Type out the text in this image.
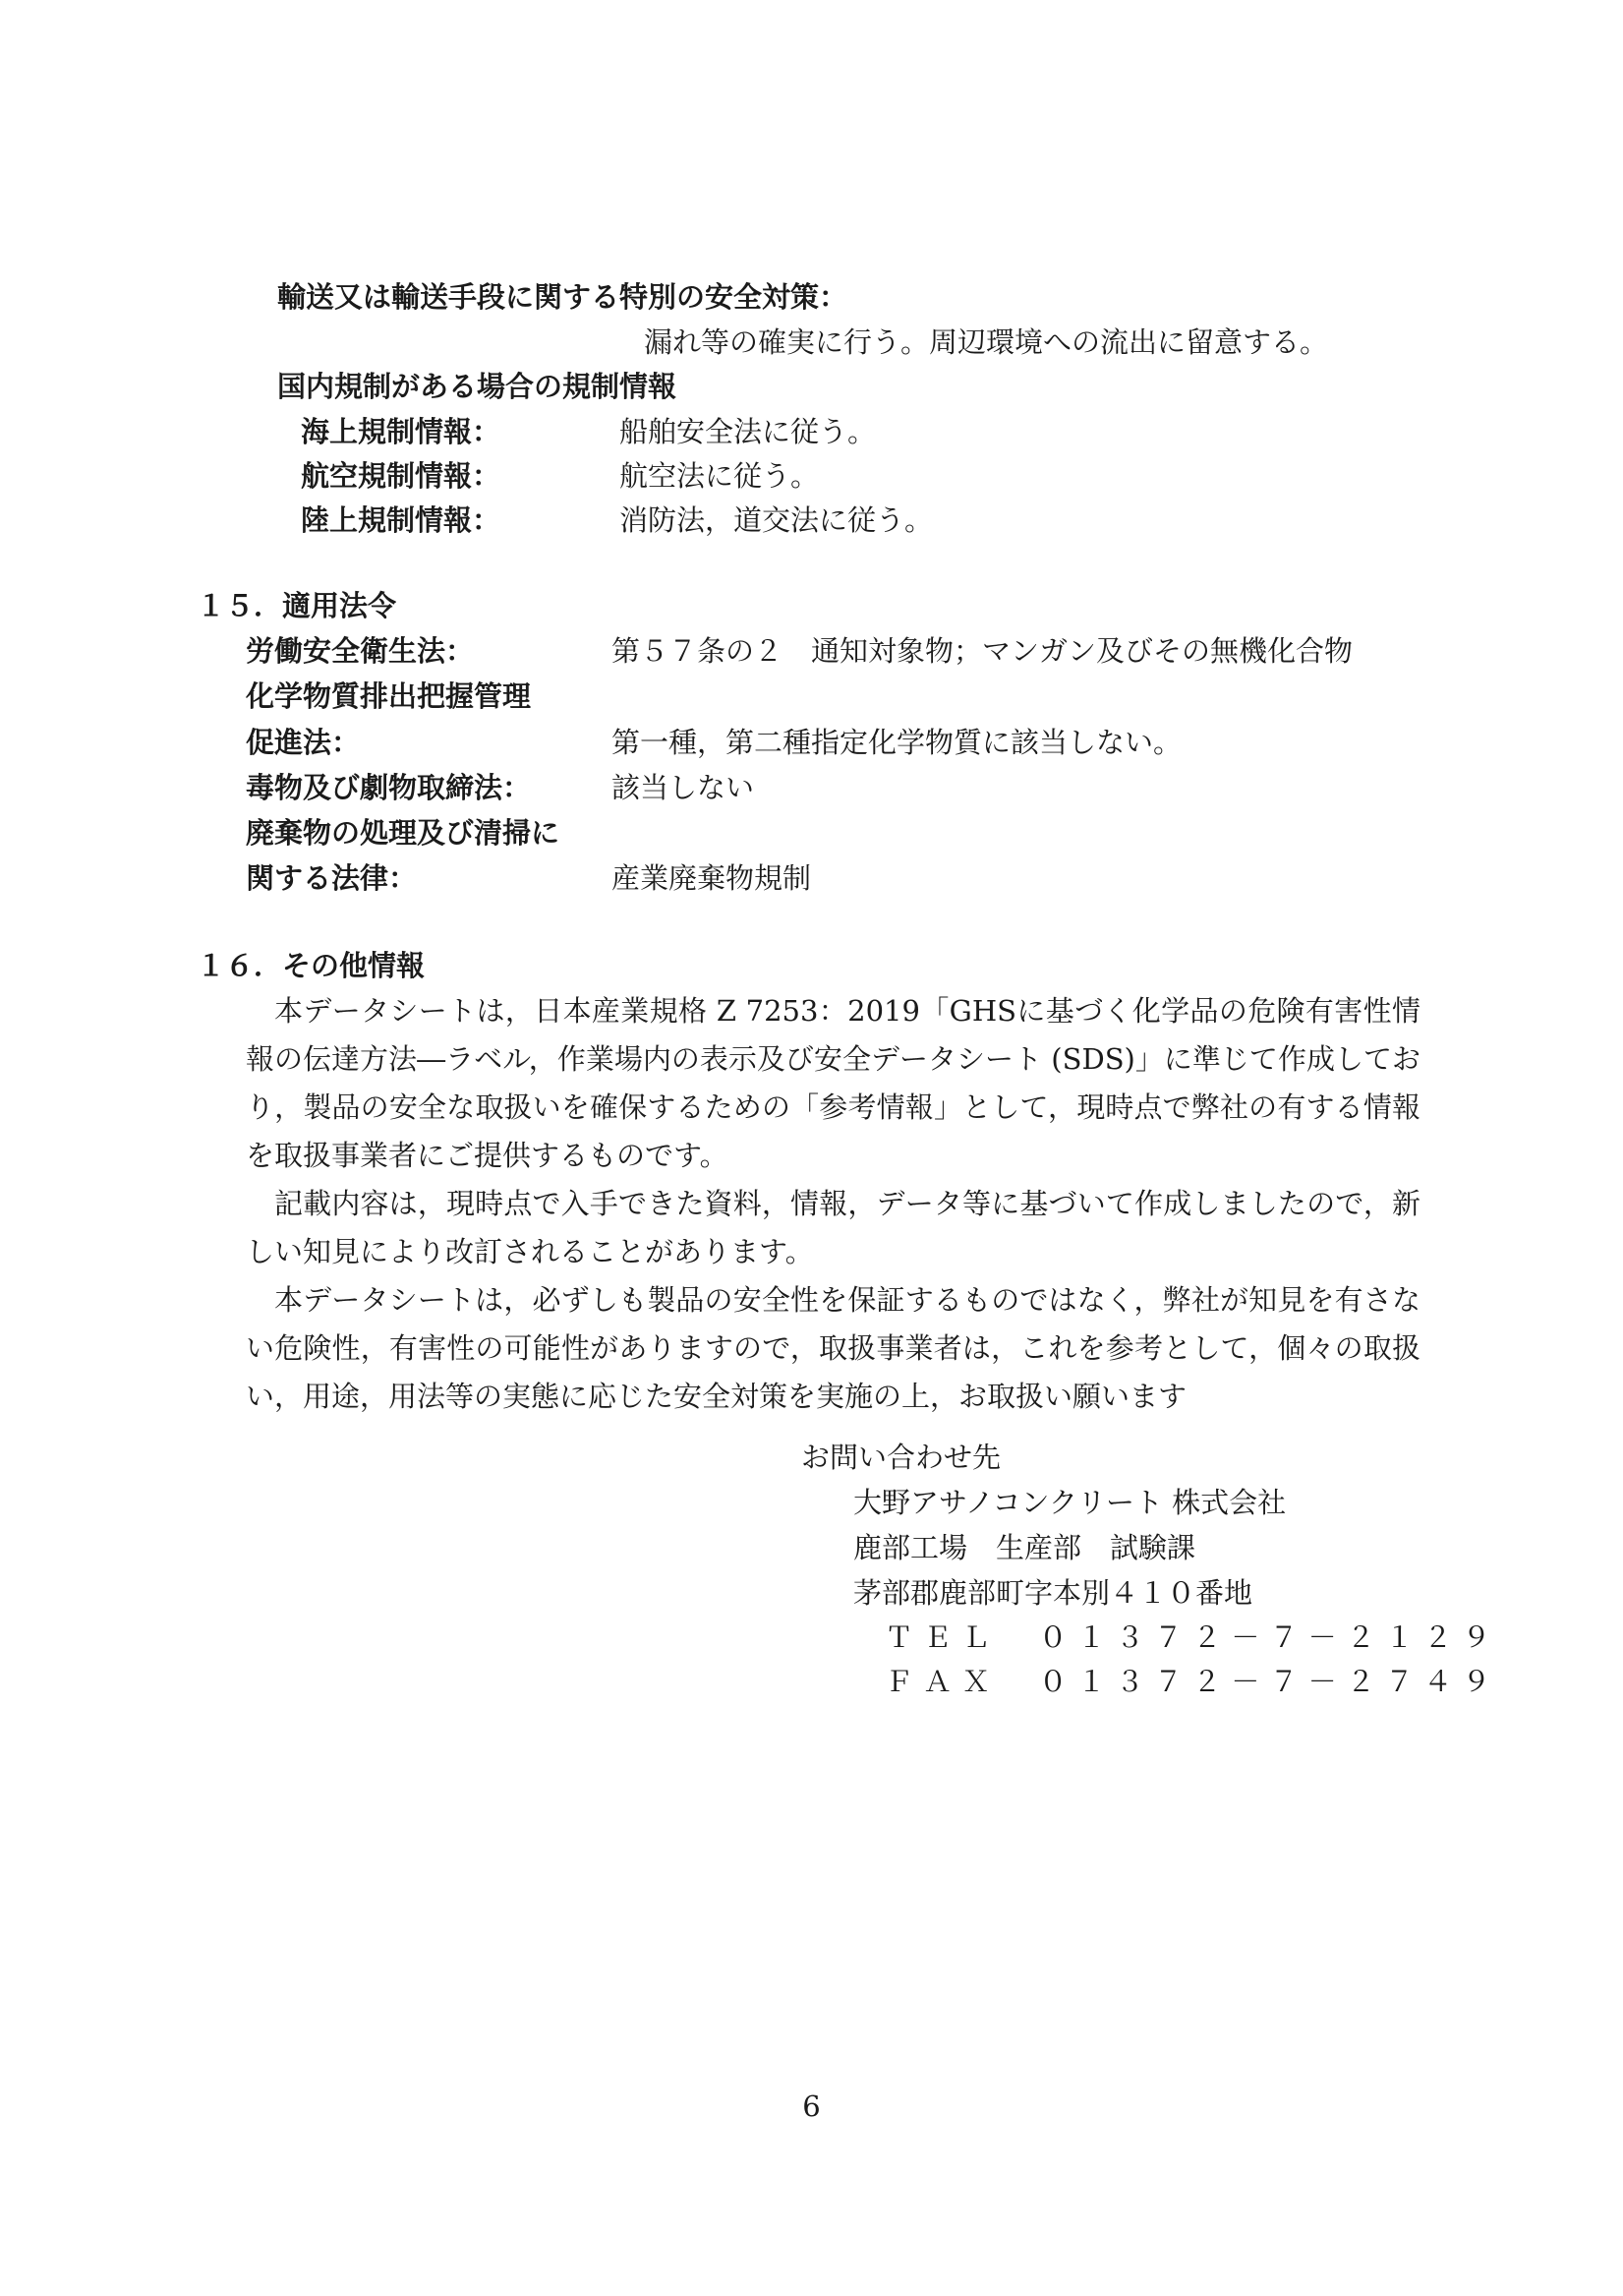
輸送又は輸送手段に関する特別の安全対策：
漏れ等の確実に行う。周辺環境への流出に留意する。
国内規制がある場合の規制情報
海上規制情報：	船舶安全法に従う。
航空規制情報：	航空法に従う。
陸上規制情報：	消防法，道交法に従う。
１５．適用法令
労働安全衛生法：	第５７条の２　通知対象物；マンガン及びその無機化合物
化学物質排出把握管理
促進法：	第一種，第二種指定化学物質に該当しない。
毒物及び劇物取締法：	該当しない
廃棄物の処理及び清掃に
関する法律：	産業廃棄物規制
１６．その他情報

本データシートは，日本産業規格 Z 7253：2019「GHSに基づく化学品の危険有害性情報の伝達方法―ラベル，作業場内の表示及び安全データシート (SDS)」に準じて作成しており，製品の安全な取扱いを確保するための「参考情報」として，現時点で弊社の有する情報を取扱事業者にご提供するものです。

記載内容は，現時点で入手できた資料，情報，データ等に基づいて作成しましたので，新しい知見により改訂されることがあります。

本データシートは，必ずしも製品の安全性を保証するものではなく，弊社が知見を有さない危険性，有害性の可能性がありますので，取扱事業者は，これを参考として，個々の取扱い，用途，用法等の実態に応じた安全対策を実施の上，お取扱い願います

お問い合わせ先
大野アサノコンクリート 株式会社
鹿部工場　生産部　試験課
茅部郡鹿部町字本別４１０番地
ＴＥＬ　０１３７２－７－２１２９
ＦＡＸ　０１３７２－７－２７４９
6
